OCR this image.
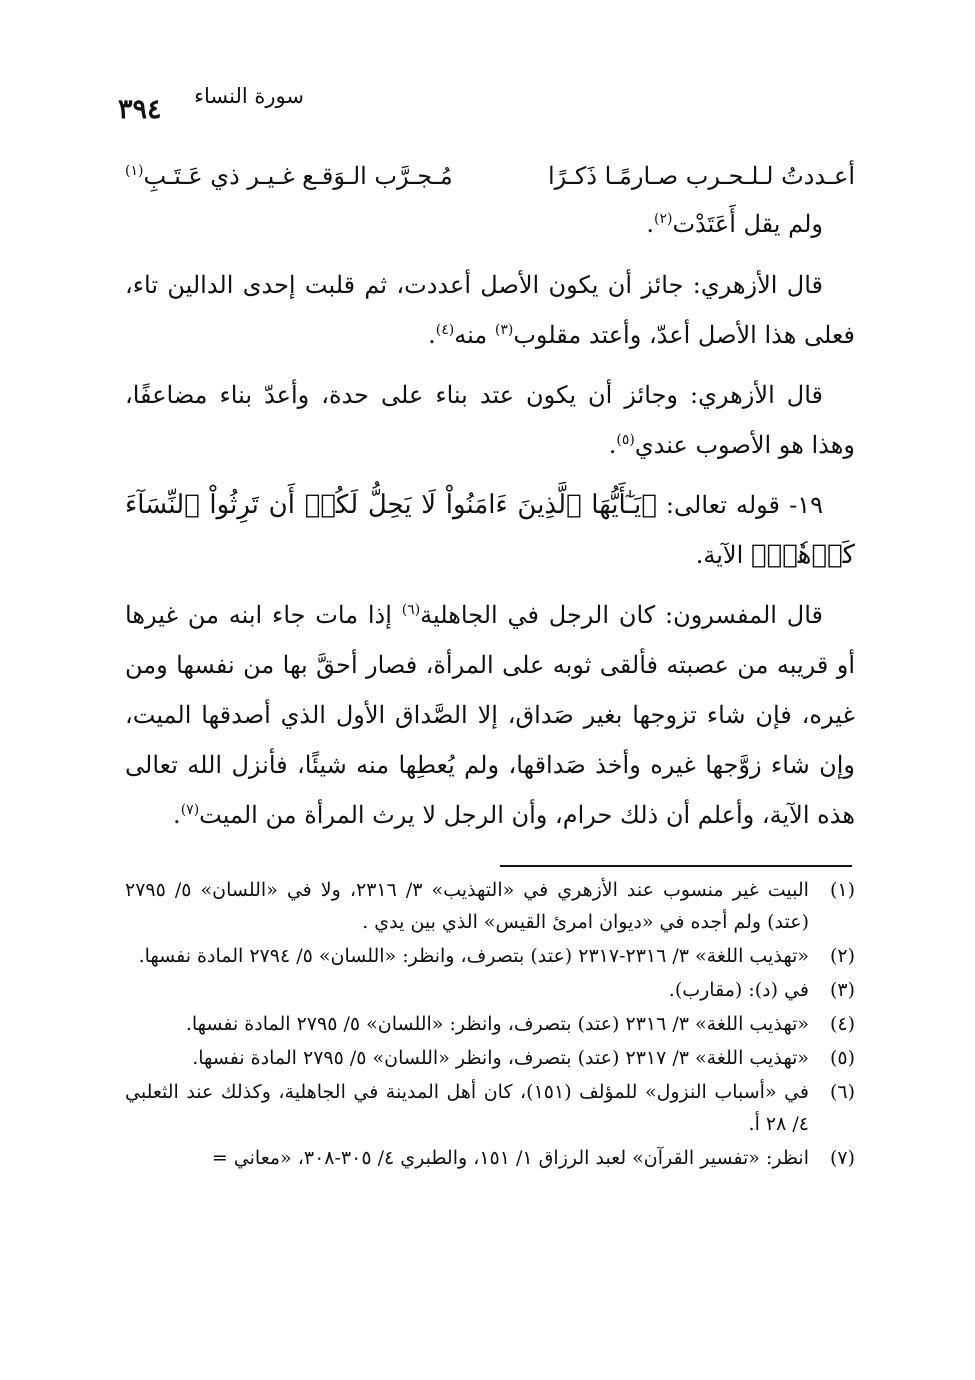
سورة النساء
٣٩٤
أعـددتُ لـلـحـرب صـارمًـا ذَكـرًا
مُـجـرَّب الـوَقـع غـيـر ذي عَـتَـبِ$^{(١)}$

ولم يقل أَعَتَدْت$^{(٢)}$.

قال الأزهري: جائز أن يكون الأصل أعددت، ثم قلبت إحدى الدالين تاء، فعلى هذا الأصل أعدّ، وأعتد مقلوب$^{(٣)}$ منه$^{(٤)}$.

قال الأزهري: وجائز أن يكون عتد بناء على حدة، وأعدّ بناء مضاعفًا، وهذا هو الأصوب عندي$^{(٥)}$.

١٩- قوله تعالى: ﴿يَـٰٓأَيُّهَا ٱلَّذِينَ ءَامَنُواْ لَا يَحِلُّ لَكُمۡ أَن تَرِثُواْ ٱلنِّسَآءَ كَرۡهٗاۖ﴾ الآية.

قال المفسرون: كان الرجل في الجاهلية$^{(٦)}$ إذا مات جاء ابنه من غيرها أو قريبه من عصبته فألقى ثوبه على المرأة، فصار أحقَّ بها من نفسها ومن غيره، فإن شاء تزوجها بغير صَداق، إلا الصَّداق الأول الذي أصدقها الميت، وإن شاء زوَّجها غيره وأخذ صَداقها، ولم يُعطِها منه شيئًا، فأنزل الله تعالى هذه الآية، وأعلم أن ذلك حرام، وأن الرجل لا يرث المرأة من الميت$^{(٧)}$.

(١)
البيت غير منسوب عند الأزهري في «التهذيب» ٣/ ٢٣١٦، ولا في «اللسان» ٥/ ٢٧٩٥ (عتد) ولم أجده في «ديوان امرئ القيس» الذي بين يدي .
(٢)
«تهذيب اللغة» ٣/ ٢٣١٦-٢٣١٧ (عتد) بتصرف، وانظر: «اللسان» ٥/ ٢٧٩٤ المادة نفسها.
(٣)
في (د): (مقارب).
(٤)
«تهذيب اللغة» ٣/ ٢٣١٦ (عتد) بتصرف، وانظر: «اللسان» ٥/ ٢٧٩٥ المادة نفسها.
(٥)
«تهذيب اللغة» ٣/ ٢٣١٧ (عتد) بتصرف، وانظر «اللسان» ٥/ ٢٧٩٥ المادة نفسها.
(٦)
في «أسباب النزول» للمؤلف (١٥١)، كان أهل المدينة في الجاهلية، وكذلك عند الثعلبي ٤/ ٢٨ أ.
(٧)
انظر: «تفسير القرآن» لعبد الرزاق ١/ ١٥١، والطبري ٤/ ٣٠٥-٣٠٨، «معاني =
